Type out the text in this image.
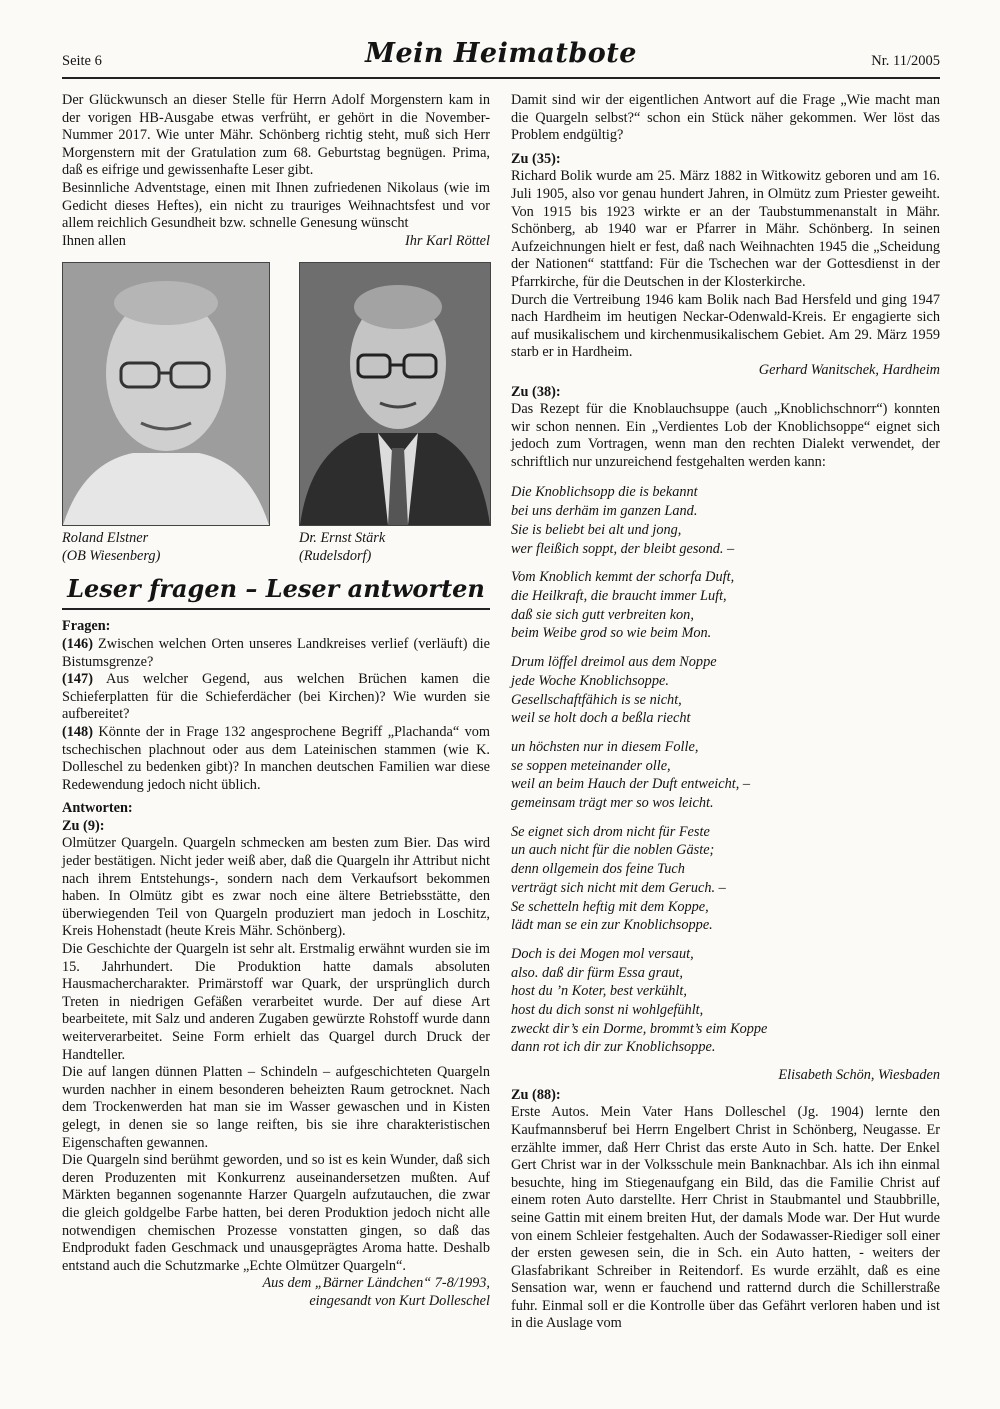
Seite 6	Mein Heimatbote	Nr. 11/2005

Der Glückwunsch an dieser Stelle für Herrn Adolf Morgenstern kam in der vorigen HB-Ausgabe etwas verfrüht, er gehört in die November-Nummer 2017. Wie unter Mähr. Schönberg richtig steht, muß sich Herr Morgenstern mit der Gratulation zum 68. Geburtstag begnügen. Prima, daß es eifrige und gewissenhafte Leser gibt.

Besinnliche Adventstage, einen mit Ihnen zufriedenen Nikolaus (wie im Gedicht dieses Heftes), ein nicht zu trauriges Weihnachtsfest und vor allem reichlich Gesundheit bzw. schnelle Genesung wünscht

Ihnen allen	Ihr Karl Röttel

Roland Elstner
(OB Wiesenberg)
Dr. Ernst Stärk
(Rudelsdorf)
Leser fragen – Leser antworten

Fragen:

(146) Zwischen welchen Orten unseres Landkreises verlief (verläuft) die Bistumsgrenze?

(147) Aus welcher Gegend, aus welchen Brüchen kamen die Schieferplatten für die Schieferdächer (bei Kirchen)? Wie wurden sie aufbereitet?

(148) Könnte der in Frage 132 angesprochene Begriff „Plachanda“ vom tschechischen plachnout oder aus dem Lateinischen stammen (wie K. Dolleschel zu bedenken gibt)? In manchen deutschen Familien war diese Redewendung jedoch nicht üblich.

Antworten:

Zu (9):

Olmützer Quargeln. Quargeln schmecken am besten zum Bier. Das wird jeder bestätigen. Nicht jeder weiß aber, daß die Quargeln ihr Attribut nicht nach ihrem Entstehungs-, sondern nach dem Verkaufsort bekommen haben. In Olmütz gibt es zwar noch eine ältere Betriebsstätte, den überwiegenden Teil von Quargeln produziert man jedoch in Loschitz, Kreis Hohenstadt (heute Kreis Mähr. Schönberg).

Die Geschichte der Quargeln ist sehr alt. Erstmalig erwähnt wurden sie im 15. Jahrhundert. Die Produktion hatte damals absoluten Hausmachercharakter. Primärstoff war Quark, der ursprünglich durch Treten in niedrigen Gefäßen verarbeitet wurde. Der auf diese Art bearbeitete, mit Salz und anderen Zugaben gewürzte Rohstoff wurde dann weiterverarbeitet. Seine Form erhielt das Quargel durch Druck der Handteller.

Die auf langen dünnen Platten – Schindeln – aufgeschichteten Quargeln wurden nachher in einem besonderen beheizten Raum getrocknet. Nach dem Trockenwerden hat man sie im Wasser gewaschen und in Kisten gelegt, in denen sie so lange reiften, bis sie ihre charakteristischen Eigenschaften gewannen.

Die Quargeln sind berühmt geworden, und so ist es kein Wunder, daß sich deren Produzenten mit Konkurrenz auseinandersetzen mußten. Auf Märkten begannen sogenannte Harzer Quargeln aufzutauchen, die zwar die gleich goldgelbe Farbe hatten, bei deren Produktion jedoch nicht alle notwendigen chemischen Prozesse vonstatten gingen, so daß das Endprodukt faden Geschmack und unausgeprägtes Aroma hatte. Deshalb entstand auch die Schutzmarke „Echte Olmützer Quargeln“.

Aus dem „Bärner Ländchen“ 7-8/1993,

eingesandt von Kurt Dolleschel

Damit sind wir der eigentlichen Antwort auf die Frage „Wie macht man die Quargeln selbst?“ schon ein Stück näher gekommen. Wer löst das Problem endgültig?

Zu (35):

Richard Bolik wurde am 25. März 1882 in Witkowitz geboren und am 16. Juli 1905, also vor genau hundert Jahren, in Olmütz zum Priester geweiht. Von 1915 bis 1923 wirkte er an der Taubstummenanstalt in Mähr. Schönberg, ab 1940 war er Pfarrer in Mähr. Schönberg. In seinen Aufzeichnungen hielt er fest, daß nach Weihnachten 1945 die „Scheidung der Nationen“ stattfand: Für die Tschechen war der Gottesdienst in der Pfarrkirche, für die Deutschen in der Klosterkirche.

Durch die Vertreibung 1946 kam Bolik nach Bad Hersfeld und ging 1947 nach Hardheim im heutigen Neckar-Odenwald-Kreis. Er engagierte sich auf musikalischem und kirchenmusikalischem Gebiet. Am 29. März 1959 starb er in Hardheim.

Gerhard Wanitschek, Hardheim

Zu (38):

Das Rezept für die Knoblauchsuppe (auch „Knoblichschnorr“) konnten wir schon nennen. Ein „Verdientes Lob der Knoblichsoppe“ eignet sich jedoch zum Vortragen, wenn man den rechten Dialekt verwendet, der schriftlich nur unzureichend festgehalten werden kann:

Die Knoblichsopp die is bekannt
bei uns derhäm im ganzen Land.
Sie is beliebt bei alt und jong,
wer fleißich soppt, der bleibt gesond. –
Vom Knoblich kemmt der schorfa Duft,
die Heilkraft, die braucht immer Luft,
daß sie sich gutt verbreiten kon,
beim Weibe grod so wie beim Mon.
Drum löffel dreimol aus dem Noppe
jede Woche Knoblichsoppe.
Gesellschaftfähich is se nicht,
weil se holt doch a beßla riecht
un höchsten nur in diesem Folle,
se soppen meteinander olle,
weil an beim Hauch der Duft entweicht, –
gemeinsam trägt mer so wos leicht.
Se eignet sich drom nicht für Feste
un auch nicht für die noblen Gäste;
denn ollgemein dos feine Tuch
verträgt sich nicht mit dem Geruch. –
Se schetteln heftig mit dem Koppe,
lädt man se ein zur Knoblichsoppe.
Doch is dei Mogen mol versaut,
also. daß dir fürm Essa graut,
host du ’n Koter, best verkühlt,
host du dich sonst ni wohlgefühlt,
zweckt dir’s ein Dorme, brommt’s eim Koppe
dann rot ich dir zur Knoblichsoppe.

Elisabeth Schön, Wiesbaden

Zu (88):

Erste Autos. Mein Vater Hans Dolleschel (Jg. 1904) lernte den Kaufmannsberuf bei Herrn Engelbert Christ in Schönberg, Neugasse. Er erzählte immer, daß Herr Christ das erste Auto in Sch. hatte. Der Enkel Gert Christ war in der Volksschule mein Banknachbar. Als ich ihn einmal besuchte, hing im Stiegenaufgang ein Bild, das die Familie Christ auf einem roten Auto darstellte. Herr Christ in Staubmantel und Staubbrille, seine Gattin mit einem breiten Hut, der damals Mode war. Der Hut wurde von einem Schleier festgehalten. Auch der Sodawasser-Riediger soll einer der ersten gewesen sein, die in Sch. ein Auto hatten, - weiters der Glasfabrikant Schreiber in Reitendorf. Es wurde erzählt, daß es eine Sensation war, wenn er fauchend und ratternd durch die Schillerstraße fuhr. Einmal soll er die Kontrolle über das Gefährt verloren haben und ist in die Auslage vom
